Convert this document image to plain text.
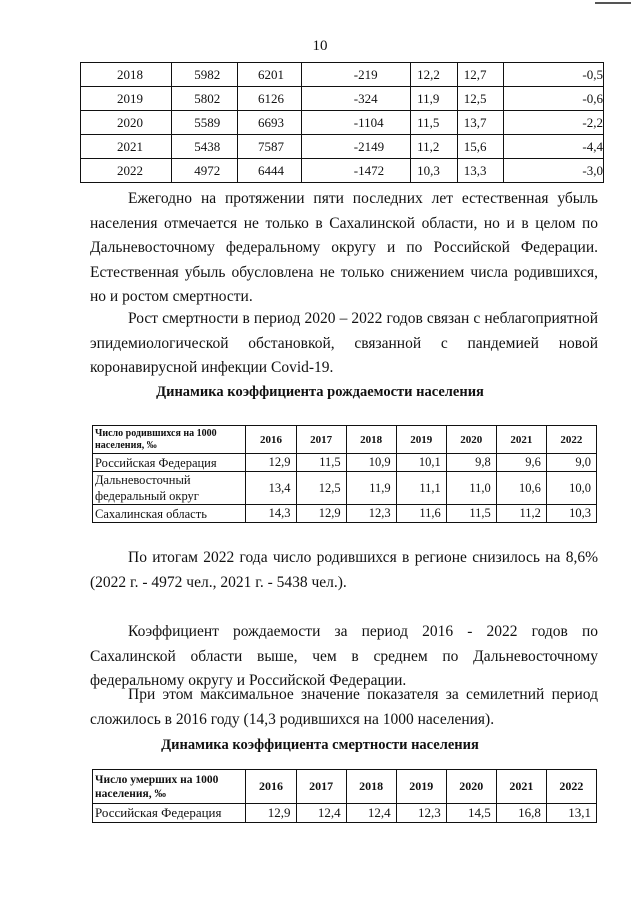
10
2018	5982	6201	-219	12,2	12,7	-0,5
2019	5802	6126	-324	11,9	12,5	-0,6
2020	5589	6693	-1104	11,5	13,7	-2,2
2021	5438	7587	-2149	11,2	15,6	-4,4
2022	4972	6444	-1472	10,3	13,3	-3,0

Ежегодно на протяжении пяти последних лет естественная убыль населения отмечается не только в Сахалинской области, но и в целом по Дальневосточному федеральному округу и по Российской Федерации. Естественная убыль обусловлена не только снижением числа родившихся, но и ростом смертности.

Рост смертности в период 2020 – 2022 годов связан с неблагоприятной эпидемиологической обстановкой, связанной с пандемией новой коронавирусной инфекции Covid-19.

Динамика коэффициента рождаемости населения
Число родившихся на 1000 населения, ‰	2016	2017	2018	2019	2020	2021	2022
Российская Федерация	12,9	11,5	10,9	10,1	9,8	9,6	9,0
Дальневосточный федеральный округ	13,4	12,5	11,9	11,1	11,0	10,6	10,0
Сахалинская область	14,3	12,9	12,3	11,6	11,5	11,2	10,3

По итогам 2022 года число родившихся в регионе снизилось на 8,6% (2022 г. - 4972 чел., 2021 г. - 5438 чел.).

Коэффициент рождаемости за период 2016 - 2022 годов по Сахалинской области выше, чем в среднем по Дальневосточному федеральному округу и Российской Федерации.

При этом максимальное значение показателя за семилетний период сложилось в 2016 году (14,3 родившихся на 1000 населения).

Динамика коэффициента смертности населения
Число умерших на 1000 населения, ‰	2016	2017	2018	2019	2020	2021	2022
Российская Федерация	12,9	12,4	12,4	12,3	14,5	16,8	13,1
